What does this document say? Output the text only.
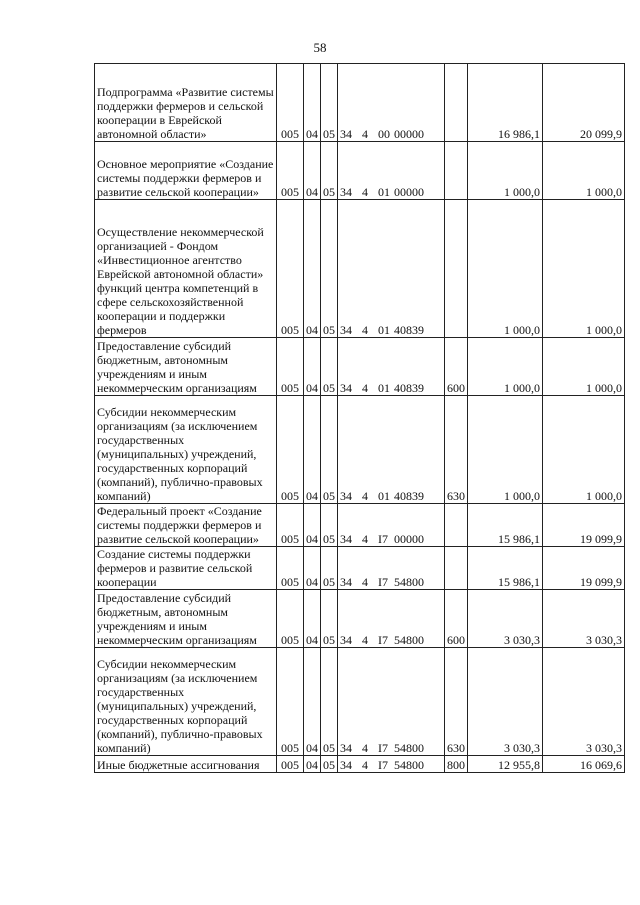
58
Подпрограмма «Развитие системы поддержки фермеров и сельской кооперации в Еврейской автономной области»	005	04	05	34 4 00 00000		16 986,1	20 099,9
Основное мероприятие «Создание системы поддержки фермеров и развитие сельской кооперации»	005	04	05	34 4 01 00000		1 000,0	1 000,0
Осуществление некоммерческой организацией - Фондом «Инвестиционное агентство Еврейской автономной области» функций центра компетенций в сфере сельскохозяйственной кооперации и поддержки фермеров	005	04	05	34 4 01 40839		1 000,0	1 000,0
Предоставление субсидий бюджетным, автономным учреждениям и иным некоммерческим организациям	005	04	05	34 4 01 40839	600	1 000,0	1 000,0
Субсидии некоммерческим организациям (за исключением государственных (муниципальных) учреждений, государственных корпораций (компаний), публично-правовых компаний)	005	04	05	34 4 01 40839	630	1 000,0	1 000,0
Федеральный проект «Создание системы поддержки фермеров и развитие сельской кооперации»	005	04	05	34 4 I7 00000		15 986,1	19 099,9
Создание системы поддержки фермеров и развитие сельской кооперации	005	04	05	34 4 I7 54800		15 986,1	19 099,9
Предоставление субсидий бюджетным, автономным учреждениям и иным некоммерческим организациям	005	04	05	34 4 I7 54800	600	3 030,3	3 030,3
Субсидии некоммерческим организациям (за исключением государственных (муниципальных) учреждений, государственных корпораций (компаний), публично-правовых компаний)	005	04	05	34 4 I7 54800	630	3 030,3	3 030,3
Иные бюджетные ассигнования	005	04	05	34 4 I7 54800	800	12 955,8	16 069,6
